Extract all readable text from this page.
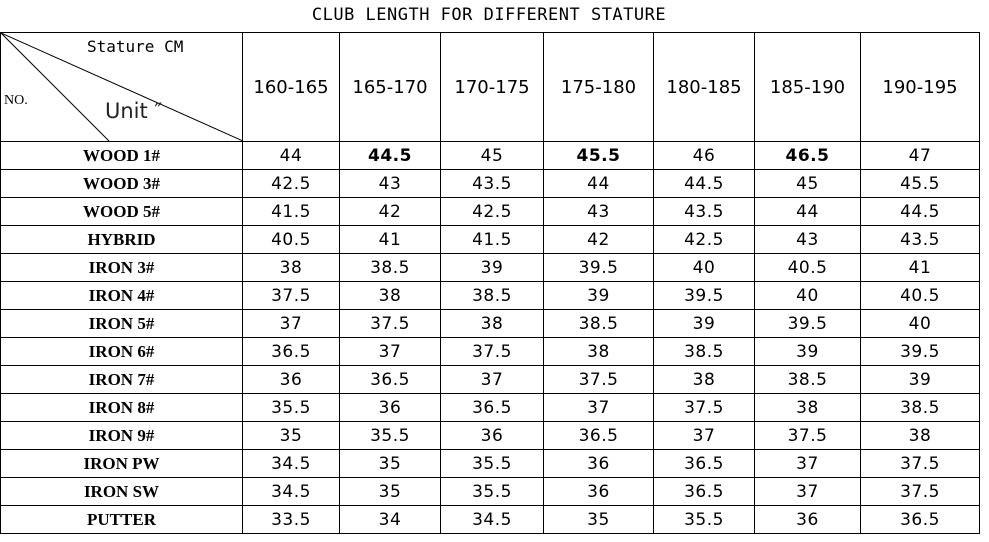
CLUB LENGTH FOR DIFFERENT STATURE
Stature CM
NO. Unit ″	160-165	165-170	170-175	175-180	180-185	185-190	190-195
WOOD 1#	44	44.5	45	45.5	46	46.5	47
WOOD 3#	42.5	43	43.5	44	44.5	45	45.5
WOOD 5#	41.5	42	42.5	43	43.5	44	44.5
HYBRID	40.5	41	41.5	42	42.5	43	43.5
IRON 3#	38	38.5	39	39.5	40	40.5	41
IRON 4#	37.5	38	38.5	39	39.5	40	40.5
IRON 5#	37	37.5	38	38.5	39	39.5	40
IRON 6#	36.5	37	37.5	38	38.5	39	39.5
IRON 7#	36	36.5	37	37.5	38	38.5	39
IRON 8#	35.5	36	36.5	37	37.5	38	38.5
IRON 9#	35	35.5	36	36.5	37	37.5	38
IRON PW	34.5	35	35.5	36	36.5	37	37.5
IRON SW	34.5	35	35.5	36	36.5	37	37.5
PUTTER	33.5	34	34.5	35	35.5	36	36.5
